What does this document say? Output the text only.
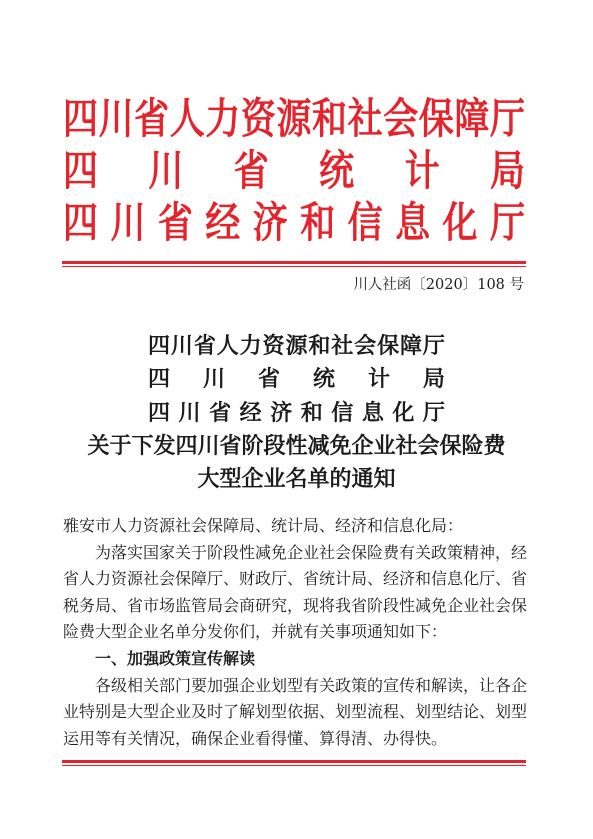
四 川 省 人 力 资 源 和 社 会 保 障 厅
四 川 省 统 计 局
四 川 省 经 济 和 信 息 化 厅
川人社函〔2020〕108 号
四 川 省 人 力 资 源 和 社 会 保 障 厅
四 川 省 统 计 局
四 川 省 经 济 和 信 息 化 厅
关于下发四川省阶段性减免企业社会保险费
大型企业名单的通知
雅安市人力资源社会保障局、统计局、经济和信息化局：
为落实国家关于阶段性减免企业社会保险费有关政策精神，经
省人力资源社会保障厅、财政厅、省统计局、经济和信息化厅、省
税务局、省市场监管局会商研究，现将我省阶段性减免企业社会保
险费大型企业名单分发你们，并就有关事项通知如下：
一、加强政策宣传解读
各级相关部门要加强企业划型有关政策的宣传和解读，让各企
业特别是大型企业及时了解划型依据、划型流程、划型结论、划型
运用等有关情况，确保企业看得懂、算得清、办得快。
